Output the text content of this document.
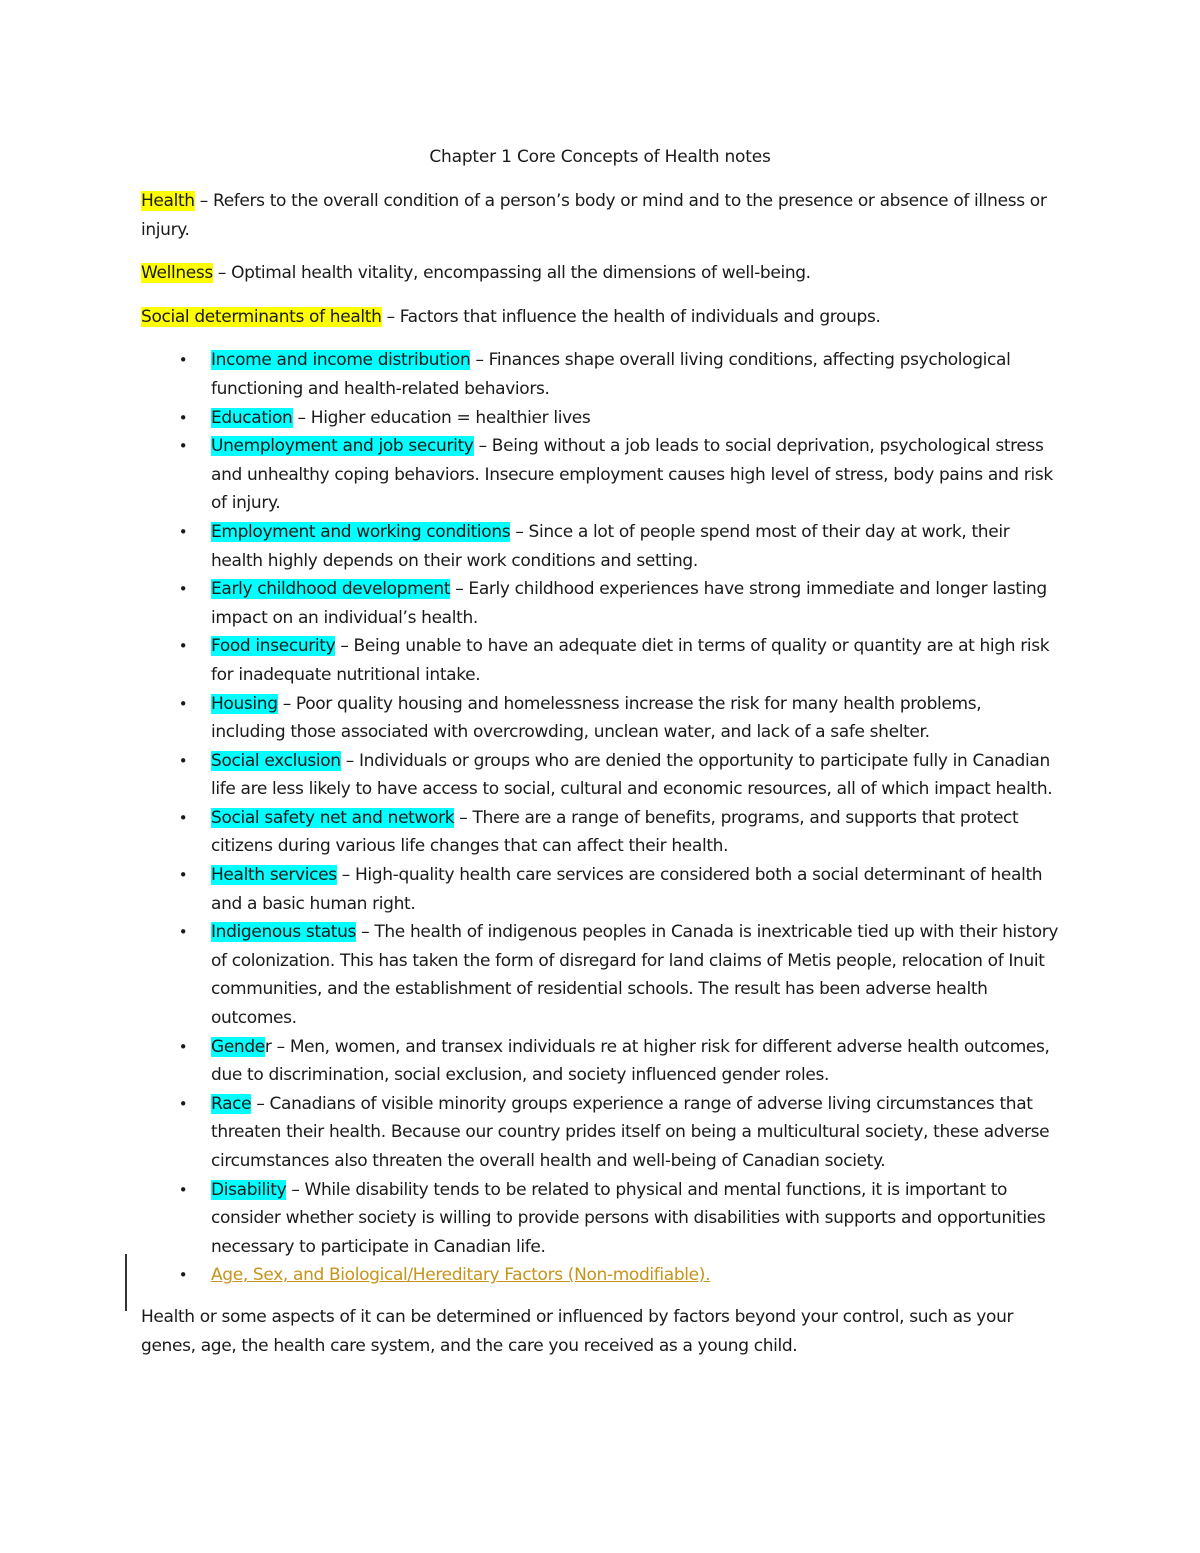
Chapter 1 Core Concepts of Health notes

Health – Refers to the overall condition of a person’s body or mind and to the presence or absence of illness or injury.

Wellness – Optimal health vitality, encompassing all the dimensions of well-being.

Social determinants of health – Factors that influence the health of individuals and groups.

•	Income and income distribution – Finances shape overall living conditions, affecting psychological functioning and health-related behaviors.
•	Education – Higher education = healthier lives
•	Unemployment and job security – Being without a job leads to social deprivation, psychological stress and unhealthy coping behaviors. Insecure employment causes high level of stress, body pains and risk of injury.
•	Employment and working conditions – Since a lot of people spend most of their day at work, their health highly depends on their work conditions and setting.
•	Early childhood development – Early childhood experiences have strong immediate and longer lasting impact on an individual’s health.
•	Food insecurity – Being unable to have an adequate diet in terms of quality or quantity are at high risk for inadequate nutritional intake.
•	Housing – Poor quality housing and homelessness increase the risk for many health problems, including those associated with overcrowding, unclean water, and lack of a safe shelter.
•	Social exclusion – Individuals or groups who are denied the opportunity to participate fully in Canadian life are less likely to have access to social, cultural and economic resources, all of which impact health.
•	Social safety net and network – There are a range of benefits, programs, and supports that protect citizens during various life changes that can affect their health.
•	Health services – High-quality health care services are considered both a social determinant of health and a basic human right.
•	Indigenous status – The health of indigenous peoples in Canada is inextricable tied up with their history of colonization. This has taken the form of disregard for land claims of Metis people, relocation of Inuit communities, and the establishment of residential schools. The result has been adverse health outcomes.
•	Gender – Men, women, and transex individuals re at higher risk for different adverse health outcomes, due to discrimination, social exclusion, and society influenced gender roles.
•	Race – Canadians of visible minority groups experience a range of adverse living circumstances that threaten their health. Because our country prides itself on being a multicultural society, these adverse circumstances also threaten the overall health and well-being of Canadian society.
•	Disability – While disability tends to be related to physical and mental functions, it is important to consider whether society is willing to provide persons with disabilities with supports and opportunities necessary to participate in Canadian life.
•	Age, Sex, and Biological/Hereditary Factors (Non-modifiable).

Health or some aspects of it can be determined or influenced by factors beyond your control, such as your genes, age, the health care system, and the care you received as a young child.
